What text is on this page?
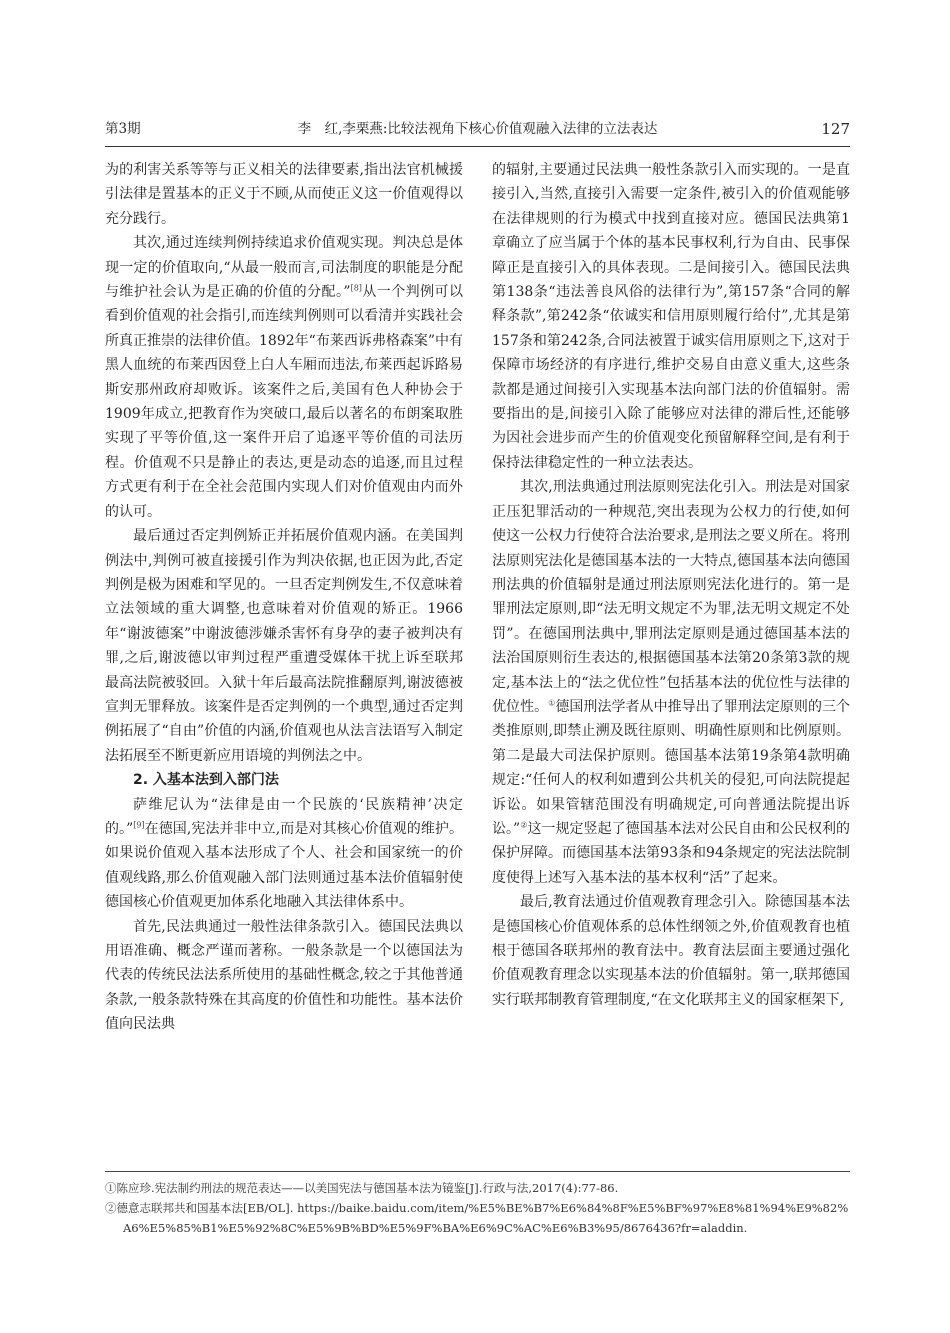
第3期	李　红,李栗燕:比较法视角下核心价值观融入法律的立法表达	127

为的利害关系等等与正义相关的法律要素,指出法官机械援引法律是置基本的正义于不顾,从而使正义这一价值观得以充分践行。

其次,通过连续判例持续追求价值观实现。判决总是体现一定的价值取向,“从最一般而言,司法制度的职能是分配与维护社会认为是正确的价值的分配。”[8]从一个判例可以看到价值观的社会指引,而连续判例则可以看清并实践社会所真正推崇的法律价值。1892年“布莱西诉弗格森案”中有黑人血统的布莱西因登上白人车厢而违法,布莱西起诉路易斯安那州政府却败诉。该案件之后,美国有色人种协会于1909年成立,把教育作为突破口,最后以著名的布朗案取胜实现了平等价值,这一案件开启了追逐平等价值的司法历程。价值观不只是静止的表达,更是动态的追逐,而且过程方式更有利于在全社会范围内实现人们对价值观由内而外的认可。

最后通过否定判例矫正并拓展价值观内涵。在美国判例法中,判例可被直接援引作为判决依据,也正因为此,否定判例是极为困难和罕见的。一旦否定判例发生,不仅意味着立法领域的重大调整,也意味着对价值观的矫正。1966年“谢波德案”中谢波德涉嫌杀害怀有身孕的妻子被判决有罪,之后,谢波德以审判过程严重遭受媒体干扰上诉至联邦最高法院被驳回。入狱十年后最高法院推翻原判,谢波德被宣判无罪释放。该案件是否定判例的一个典型,通过否定判例拓展了“自由”价值的内涵,价值观也从法言法语写入制定法拓展至不断更新应用语境的判例法之中。

2. 入基本法到入部门法

萨维尼认为“法律是由一个民族的‘民族精神’决定的。”[9]在德国,宪法并非中立,而是对其核心价值观的维护。如果说价值观入基本法形成了个人、社会和国家统一的价值观线路,那么价值观融入部门法则通过基本法价值辐射使德国核心价值观更加体系化地融入其法律体系中。

首先,民法典通过一般性法律条款引入。德国民法典以用语准确、概念严谨而著称。一般条款是一个以德国法为代表的传统民法法系所使用的基础性概念,较之于其他普通条款,一般条款特殊在其高度的价值性和功能性。基本法价值向民法典

的辐射,主要通过民法典一般性条款引入而实现的。一是直接引入,当然,直接引入需要一定条件,被引入的价值观能够在法律规则的行为模式中找到直接对应。德国民法典第1章确立了应当属于个体的基本民事权利,行为自由、民事保障正是直接引入的具体表现。二是间接引入。德国民法典第138条“违法善良风俗的法律行为”,第157条“合同的解释条款”,第242条“依诚实和信用原则履行给付”,尤其是第157条和第242条,合同法被置于诚实信用原则之下,这对于保障市场经济的有序进行,维护交易自由意义重大,这些条款都是通过间接引入实现基本法向部门法的价值辐射。需要指出的是,间接引入除了能够应对法律的滞后性,还能够为因社会进步而产生的价值观变化预留解释空间,是有利于保持法律稳定性的一种立法表达。

其次,刑法典通过刑法原则宪法化引入。刑法是对国家正压犯罪活动的一种规范,突出表现为公权力的行使,如何使这一公权力行使符合法治要求,是刑法之要义所在。将刑法原则宪法化是德国基本法的一大特点,德国基本法向德国刑法典的价值辐射是通过刑法原则宪法化进行的。第一是罪刑法定原则,即“法无明文规定不为罪,法无明文规定不处罚”。在德国刑法典中,罪刑法定原则是通过德国基本法的法治国原则衍生表达的,根据德国基本法第20条第3款的规定,基本法上的“法之优位性”包括基本法的优位性与法律的优位性。①德国刑法学者从中推导出了罪刑法定原则的三个类推原则,即禁止溯及既往原则、明确性原则和比例原则。第二是最大司法保护原则。德国基本法第19条第4款明确规定:“任何人的权利如遭到公共机关的侵犯,可向法院提起诉讼。如果管辖范围没有明确规定,可向普通法院提出诉讼。”②这一规定竖起了德国基本法对公民自由和公民权利的保护屏障。而德国基本法第93条和94条规定的宪法法院制度使得上述写入基本法的基本权利“活”了起来。

最后,教育法通过价值观教育理念引入。除德国基本法是德国核心价值观体系的总体性纲领之外,价值观教育也植根于德国各联邦州的教育法中。教育法层面主要通过强化价值观教育理念以实现基本法的价值辐射。第一,联邦德国实行联邦制教育管理制度,“在文化联邦主义的国家框架下,

①陈应珍.宪法制约刑法的规范表达——以美国宪法与德国基本法为镜鉴[J].行政与法,2017(4):77-86.
②德意志联邦共和国基本法[EB/OL]. https://baike.baidu.com/item/%E5%BE%B7%E6%84%8F%E5%BF%97%E8%81%94%E9%82%A6%E5%85%B1%E5%92%8C%E5%9B%BD%E5%9F%BA%E6%9C%AC%E6%B3%95/8676436?fr=aladdin.
